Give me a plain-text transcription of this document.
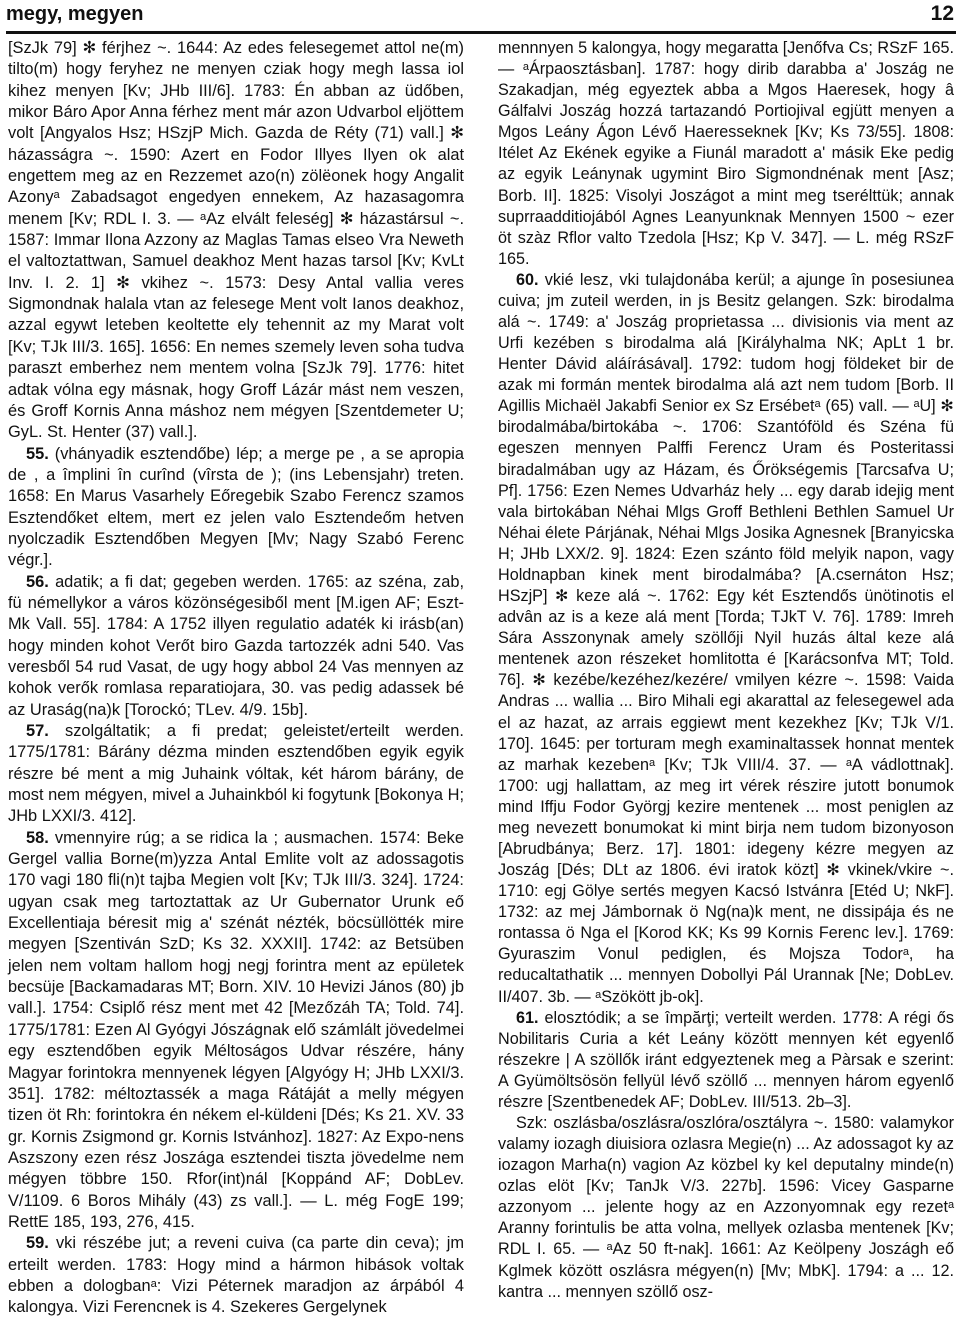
megy, megyen	12

[SzJk 79] ✻ férjhez ~. 1644: Az edes felesegemet attol ne(m) tilto(m) hogy feryhez ne menyen cziak hogy megh lassa iol kihez menyen [Kv; JHb III/6]. 1783: Én abban az üdőben, mikor Báro Apor Anna férhez ment már azon Udvarbol eljöttem volt [Angyalos Hsz; HSzjP Mich. Gazda de Réty (71) vall.] ✻ házasságra ~. 1590: Azert en Fodor Illyes Ilyen ok alat engettem meg az en Rezzemet azo(n) zölëonek hogy Angalit Azonyᵃ Zabadsagot engedyen ennekem, Az hazasagomra menem [Kv; RDL I. 3. — ᵃAz elvált feleség] ✻ házastársul ~. 1587: Immar Ilona Azzony az Maglas Tamas elseo Vra Neweth el valtoztattwan, Samuel deakhoz Ment hazas tarsol [Kv; KvLt Inv. I. 2. 1] ✻ vkihez ~. 1573: Desy Antal vallia veres Sigmondnak halala vtan az felesege Ment volt Ianos deakhoz, azzal egywt leteben keoltette ely tehennit az my Marat volt [Kv; TJk III/3. 165]. 1656: En nemes szemely leven soha tudva paraszt emberhez nem mentem volna [SzJk 79]. 1776: hitet adtak vólna egy másnak, hogy Groff Lázár mást nem veszen, és Groff Kornis Anna máshoz nem mégyen [Szentdemeter U; GyL. St. Henter (37) vall.].

55. (vhányadik esztendőbe) lép; a merge pe , a se apropia de , a împlini în curînd (vîrsta de ); (ins Lebensjahr) treten. 1658: En Marus Vasarhely Eőregebik Szabo Ferencz szamos Esztendőket eltem, mert ez jelen valo Esztendeőm hetven nyolczadik Esztendőben Megyen [Mv; Nagy Szabó Ferenc végr.].

56. adatik; a fi dat; gegeben werden. 1765: az széna, zab, fü némellykor a város közönségesiből ment [M.igen AF; Eszt-Mk Vall. 55]. 1784: A 1752 illyen regulatio adaték ki irásb(an) hogy minden kohot Verőt biro Gazda tartozzék adni 540. Vas veresből 54 rud Vasat, de ugy hogy abbol 24 Vas mennyen az kohok verők romlasa reparatiojara, 30. vas pedig adassek bé az Uraság(na)k [Torockó; TLev. 4/9. 15b].

57. szolgáltatik; a fi predat; geleistet/erteilt werden. 1775/1781: Bárány dézma minden esztendőben egyik egyik részre bé ment a mig Juhaink vóltak, két három bárány, de most nem mégyen, mivel a Juhainkból ki fogytunk [Bokonya H; JHb LXXI/3. 412].

58. vmennyire rúg; a se ridica la ; ausmachen. 1574: Beke Gergel vallia Borne(m)yzza Antal Emlite volt az adossagotis 170 vagi 180 fli(n)t tajba Megien volt [Kv; TJk III/3. 324]. 1724: ugyan csak meg tartoztattak az Ur Gubernator Urunk eő Excellentiaja béresit mig a' szénát nézték, böcsüllötték mire megyen [Szentiván SzD; Ks 32. XXXII]. 1742: az Betsüben jelen nem voltam hallom hogj negj forintra ment az epületek becsüje [Backamadaras MT; Born. XIV. 10 Hevizi János (80) jb vall.]. 1754: Csiplő rész ment met 42 [Mezőzáh TA; Told. 74]. 1775/1781: Ezen Al Gyógyi Jószágnak elő számlált jövedelmei egy esztendőben egyik Méltoságos Udvar részére, hány Magyar forintokra mennyenek légyen [Algyógy H; JHb LXXI/3. 351]. 1782: méltoztassék a maga Rátáját a melly mégyen tizen öt Rh: forintokra én nékem el-küldeni [Dés; Ks 21. XV. 33 gr. Kornis Zsigmond gr. Kornis Istvánhoz]. 1827: Az Expo-nens Aszszony ezen rész Joszága esztendei tiszta jövedelme nem mégyen többre 150. Rfor(int)nál [Koppánd AF; DobLev. V/1109. 6 Boros Mihály (43) zs vall.]. — L. még FogE 199; RettE 185, 193, 276, 415.

59. vki részébe jut; a reveni cuiva (ca parte din ceva); jm erteilt werden. 1783: Hogy mind a hármon hibások voltak ebben a dologbanᵃ: Vizi Péternek maradjon az árpából 4 kalongya. Vizi Ferencnek is 4. Szekeres Gergelynek

mennnyen 5 kalongya, hogy megaratta [Jenőfva Cs; RSzF 165. — ᵃÁrpaosztásban]. 1787: hogy dirib darabba a' Joszág ne Szakadjan, még egyeztek abba a Mgos Haeresek, hogy â Gálfalvi Joszág hozzá tartazandó Portiojival egjütt menyen a Mgos Leány Ágon Lévő Haeresseknek [Kv; Ks 73/55]. 1808: Itélet Az Ekének egyike a Fiunál maradott a' másik Eke pedig az egyik Leánynak ugymint Biro Sigmondnénak ment [Asz; Borb. II]. 1825: Visolyi Joszágot a mint meg tserélttük; annak suprraadditiojából Agnes Leanyunknak Mennyen 1500 ~ ezer öt szàz Rflor valto Tzedola [Hsz; Kp V. 347]. — L. még RSzF 165.

60. vkié lesz, vki tulajdonába kerül; a ajunge în posesiunea cuiva; jm zuteil werden, in js Besitz gelangen. Szk: birodalma alá ~. 1749: a' Joszág proprietassa ... divisionis via ment az Urfi kezében s birodalma alá [Királyhalma NK; ApLt 1 br. Henter Dávid aláírásával]. 1792: tudom hogj földeket bir de azak mi formán mentek birodalma alá azt nem tudom [Borb. II Agillis Michaël Jakabfi Senior ex Sz Ersébetᵃ (65) vall. — ᵃU] ✻ birodalmába/birtokába ~. 1706: Szantóföld és Széna fü egeszen mennyen Palffi Ferencz Uram és Posteritassi biradalmában ugy az Házam, és Őrökségemis [Tarcsafva U; Pf]. 1756: Ezen Nemes Udvarház hely ... egy darab idejig ment vala birtokában Néhai Mlgs Groff Bethleni Bethlen Samuel Ur Néhai élete Párjának, Néhai Mlgs Josika Agnesnek [Branyicska H; JHb LXX/2. 9]. 1824: Ezen szánto föld melyik napon, vagy Holdnapban kinek ment birodalmába? [A.csernáton Hsz; HSzjP] ✻ keze alá ~. 1762: Egy két Esztendős ünötinotis el advân az is a keze alá ment [Torda; TJkT V. 76]. 1789: Imreh Sára Asszonynak amely szöllőji Nyil huzás által keze alá mentenek azon részeket homlitotta é [Karácsonfva MT; Told. 76]. ✻ kezébe/kezéhez/kezére/ vmilyen kézre ~. 1598: Vaida Andras ... wallia ... Biro Mihali egi akarattal az felesegewel ada el az hazat, az arrais eggiewt ment kezekhez [Kv; TJk V/1. 170]. 1645: per torturam megh examinaltassek honnat mentek az marhak kezebenᵃ [Kv; TJk VIII/4. 37. — ᵃA vádlottnak]. 1700: ugj hallattam, az meg irt vérek részire jutott bonumok mind Iffju Fodor Györgj kezire mentenek ... most peniglen az meg nevezett bonumokat ki mint birja nem tudom bizonyoson [Abrudbánya; Berz. 17]. 1801: idegeny kézre megyen az Joszág [Dés; DLt az 1806. évi iratok közt] ✻ vkinek/vkire ~. 1710: egj Gölye sertés megyen Kacsó Istvánra [Etéd U; NkF]. 1732: az mej Jámbornak ö Ng(na)k ment, ne dissipája és ne rontassa ö Nga el [Korod KK; Ks 99 Kornis Ferenc lev.]. 1769: Gyuraszim Vonul pediglen, és Mojsza Todorᵃ, ha reducaltathatik ... mennyen Dobollyi Pál Urannak [Ne; DobLev. II/407. 3b. — ᵃSzökött jb-ok].

61. elosztódik; a se împărţi; verteilt werden. 1778: A régi ős Nobilitaris Curia a két Leány között mennyen két egyenlő részekre | A szöllők iránt edgyeztenek meg a Pàrsak e szerint: A Gyümöltsösön fellyül lévő szöllő ... mennyen három egyenlő részre [Szentbenedek AF; DobLev. III/513. 2b–3].

Szk: oszlásba/oszlásra/oszlóra/osztályra ~. 1580: valamykor valamy iozagh diuisiora ozlasra Megie(n) ... Az adossagot ky az iozagon Marha(n) vagion Az közbel ky kel deputalny minde(n) ozlas elöt [Kv; TanJk V/3. 227b]. 1596: Vicey Gasparne azzonyom ... jelente hogy az en Azzonyomnak egy rezetᵃ Aranny forintulis be atta volna, mellyek ozlasba mentenek [Kv; RDL I. 65. — ᵃAz 50 ft-nak]. 1661: Az Keölpeny Joszágh eő Kglmek között oszlásra mégyen(n) [Mv; MbK]. 1794: a ... 12. kantra ... mennyen szöllő osz-
